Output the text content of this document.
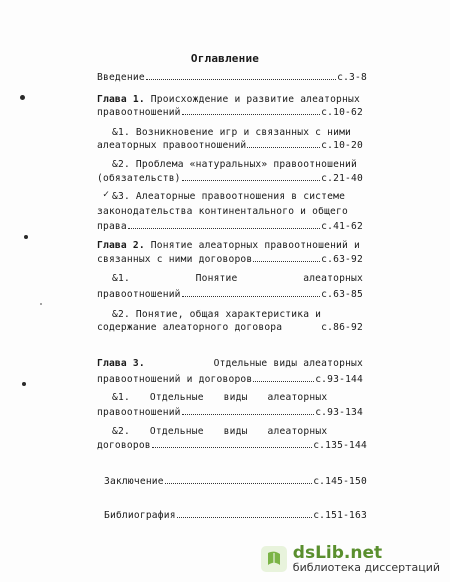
Оглавление
Введение	с.3-8
Глава 1. Происхождение и развитие алеаторных
правоотношений	с.10-62
&1. Возникновение игр и связанных с ними
алеаторных правоотношений	с.10-20
&2. Проблема «натуральных» правоотношений
(обязательств)	с.21-40
✓ &3. Алеаторные правоотношения в системе
законодательства континентального и общего
права	с.41-62
Глава 2. Понятие алеаторных правоотношений и
связанных с ними договоров	с.63-92
&1.	Понятие	алеаторных
правоотношений	с.63-85
&2. Понятие, общая характеристика и
содержание алеаторного договора	с.86-92
Глава 3.	Отдельные виды алеаторных
правоотношений и договоров	с.93-144
&1. Отдельные виды алеаторных
правоотношений	с.93-134
&2. Отдельные виды алеаторных
договоров	с.135-144
Заключение	с.145-150
Библиография	с.151-163
dsLib.net
библиотека диссертаций
